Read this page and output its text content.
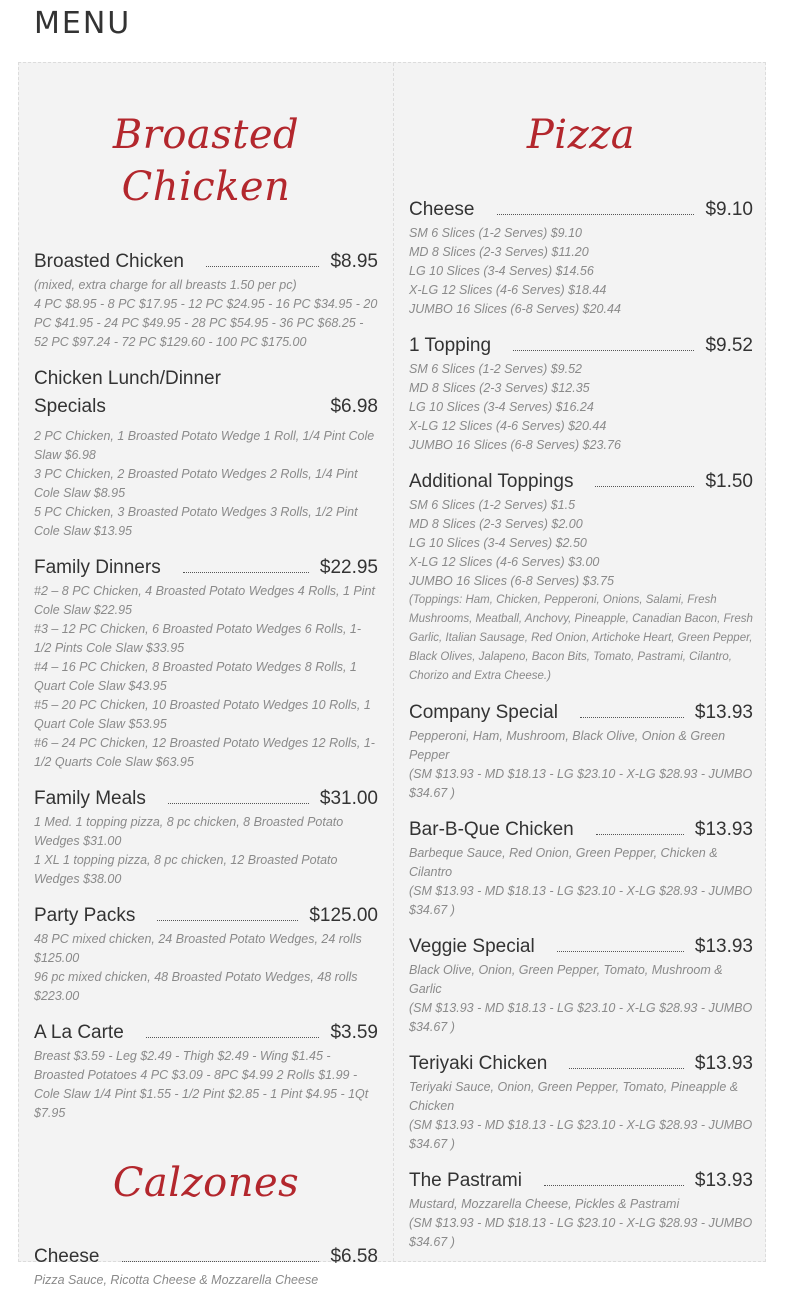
MENU
Broasted Chicken
Broasted Chicken	$8.95

(mixed, extra charge for all breasts 1.50 per pc)

4 PC $8.95 - 8 PC $17.95 - 12 PC $24.95 - 16 PC $34.95 - 20 PC $41.95 - 24 PC $49.95 - 28 PC $54.95 - 36 PC $68.25 - 52 PC $97.24 - 72 PC $129.60 - 100 PC $175.00

Chicken Lunch/Dinner Specials	$6.98

2 PC Chicken, 1 Broasted Potato Wedge 1 Roll, 1/4 Pint Cole Slaw $6.98

3 PC Chicken, 2 Broasted Potato Wedges 2 Rolls, 1/4 Pint Cole Slaw $8.95

5 PC Chicken, 3 Broasted Potato Wedges 3 Rolls, 1/2 Pint Cole Slaw $13.95

Family Dinners	$22.95

#2 – 8 PC Chicken, 4 Broasted Potato Wedges 4 Rolls, 1 Pint Cole Slaw $22.95

#3 – 12 PC Chicken, 6 Broasted Potato Wedges 6 Rolls, 1-1/2 Pints Cole Slaw $33.95

#4 – 16 PC Chicken, 8 Broasted Potato Wedges 8 Rolls, 1 Quart Cole Slaw $43.95

#5 – 20 PC Chicken, 10 Broasted Potato Wedges 10 Rolls, 1 Quart Cole Slaw $53.95

#6 – 24 PC Chicken, 12 Broasted Potato Wedges 12 Rolls, 1-1/2 Quarts Cole Slaw $63.95

Family Meals	$31.00

1 Med. 1 topping pizza, 8 pc chicken, 8 Broasted Potato Wedges $31.00

1 XL 1 topping pizza, 8 pc chicken, 12 Broasted Potato Wedges $38.00

Party Packs	$125.00

48 PC mixed chicken, 24 Broasted Potato Wedges, 24 rolls $125.00

96 pc mixed chicken, 48 Broasted Potato Wedges, 48 rolls $223.00

A La Carte	$3.59

Breast $3.59 - Leg $2.49 - Thigh $2.49 - Wing $1.45 - Broasted Potatoes 4 PC $3.09 - 8PC $4.99 2 Rolls $1.99 - Cole Slaw 1/4 Pint $1.55 - 1/2 Pint $2.85 - 1 Pint $4.95 - 1Qt $7.95

Calzones
Cheese	$6.58

Pizza Sauce, Ricotta Cheese & Mozzarella Cheese

Pizza
Cheese	$9.10

SM 6 Slices (1-2 Serves) $9.10

MD 8 Slices (2-3 Serves) $11.20

LG 10 Slices (3-4 Serves) $14.56

X-LG 12 Slices (4-6 Serves) $18.44

JUMBO 16 Slices (6-8 Serves) $20.44

1 Topping	$9.52

SM 6 Slices (1-2 Serves) $9.52

MD 8 Slices (2-3 Serves) $12.35

LG 10 Slices (3-4 Serves) $16.24

X-LG 12 Slices (4-6 Serves) $20.44

JUMBO 16 Slices (6-8 Serves) $23.76

Additional Toppings	$1.50

SM 6 Slices (1-2 Serves) $1.5

MD 8 Slices (2-3 Serves) $2.00

LG 10 Slices (3-4 Serves) $2.50

X-LG 12 Slices (4-6 Serves) $3.00

JUMBO 16 Slices (6-8 Serves) $3.75

(Toppings: Ham, Chicken, Pepperoni, Onions, Salami, Fresh Mushrooms, Meatball, Anchovy, Pineapple, Canadian Bacon, Fresh Garlic, Italian Sausage, Red Onion, Artichoke Heart, Green Pepper, Black Olives, Jalapeno, Bacon Bits, Tomato, Pastrami, Cilantro, Chorizo and Extra Cheese.)

Company Special	$13.93

Pepperoni, Ham, Mushroom, Black Olive, Onion & Green Pepper

(SM $13.93 - MD $18.13 - LG $23.10 - X-LG $28.93 - JUMBO $34.67 )

Bar-B-Que Chicken	$13.93

Barbeque Sauce, Red Onion, Green Pepper, Chicken & Cilantro

(SM $13.93 - MD $18.13 - LG $23.10 - X-LG $28.93 - JUMBO $34.67 )

Veggie Special	$13.93

Black Olive, Onion, Green Pepper, Tomato, Mushroom & Garlic

(SM $13.93 - MD $18.13 - LG $23.10 - X-LG $28.93 - JUMBO $34.67 )

Teriyaki Chicken	$13.93

Teriyaki Sauce, Onion, Green Pepper, Tomato, Pineapple & Chicken

(SM $13.93 - MD $18.13 - LG $23.10 - X-LG $28.93 - JUMBO $34.67 )

The Pastrami	$13.93

Mustard, Mozzarella Cheese, Pickles & Pastrami

(SM $13.93 - MD $18.13 - LG $23.10 - X-LG $28.93 - JUMBO $34.67 )
